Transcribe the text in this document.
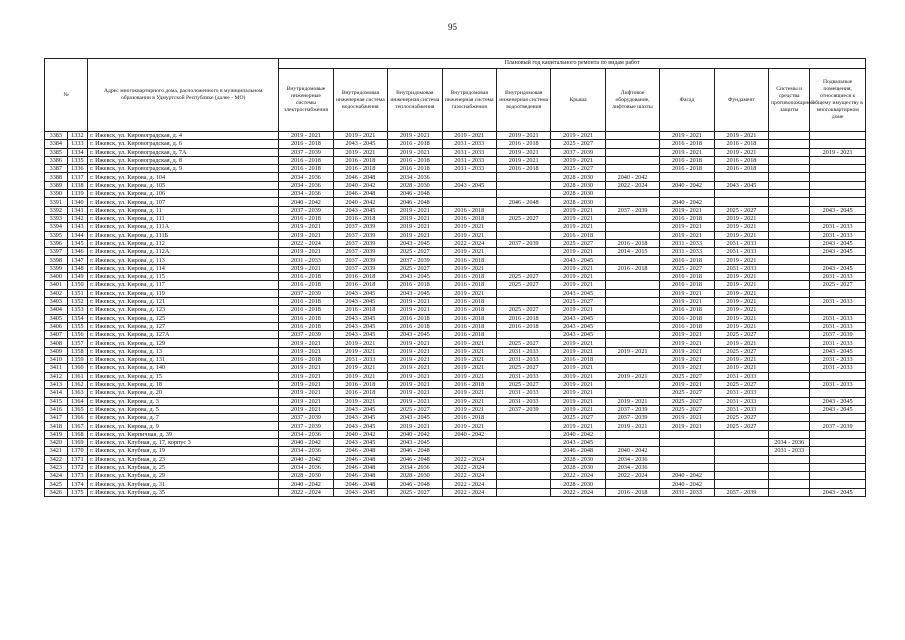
95
№		Адрес многоквартирного дома, расположенного в муниципальном образовании в Удмуртской Республике (далее - МО)	Плановый год капитального ремонта по видам работ										
			Внутридомовые инженерные системы электроснабжения	Внутридомовая инженерная система водоснабжения	Внутридомовая инженерная система теплоснабжения	Внутридомовая инженерная система газоснабжения	Внутридомовая инженерная система водоотведения	Крыша	Лифтовое оборудование, лифтовые шахты	Фасад	Фундамент	Системы и средства противопожарной защиты	Подвальные помещения, относящиеся к общему имуществу в многоквартирном доме
3383	1332	г. Ижевск, ул. Кировоградская, д. 4	2019 - 2021	2019 - 2021	2019 - 2021	2019 - 2021	2019 - 2021	2019 - 2021		2019 - 2021	2019 - 2021		
3384	1333	г. Ижевск, ул. Кировоградская, д. 6	2016 - 2018	2043 - 2045	2016 - 2018	2031 - 2033	2016 - 2018	2025 - 2027		2016 - 2018	2016 - 2018		
3385	1334	г. Ижевск, ул. Кировоградская, д. 7А	2037 - 2039	2019 - 2021	2019 - 2021	2031 - 2033	2019 - 2021	2037 - 2039		2019 - 2021	2019 - 2021		2019 - 2021
3386	1335	г. Ижевск, ул. Кировоградская, д. 8	2016 - 2018	2016 - 2018	2016 - 2018	2031 - 2033	2019 - 2021	2019 - 2021		2016 - 2018	2016 - 2018		
3387	1336	г. Ижевск, ул. Кировоградская, д. 9	2016 - 2018	2016 - 2018	2016 - 2018	2031 - 2033	2016 - 2018	2025 - 2027		2016 - 2018	2016 - 2018		
3388	1337	г. Ижевск, ул. Кирова, д. 104	2034 - 2036	2046 - 2048	2034 - 2036			2028 - 2030	2040 - 2042				
3389	1338	г. Ижевск, ул. Кирова, д. 105	2034 - 2036	2040 - 2042	2028 - 2030	2043 - 2045		2028 - 2030	2022 - 2024	2040 - 2042	2043 - 2045		
3390	1339	г. Ижевск, ул. Кирова, д. 106	2034 - 2036	2046 - 2048	2046 - 2048			2028 - 2030					
3391	1340	г. Ижевск, ул. Кирова, д. 107	2040 - 2042	2040 - 2042	2046 - 2048		2046 - 2048	2028 - 2030		2040 - 2042			
3392	1341	г. Ижевск, ул. Кирова, д. 11	2037 - 2039	2043 - 2045	2019 - 2021	2016 - 2018		2019 - 2021	2037 - 2039	2019 - 2021	2025 - 2027		2043 - 2045
3393	1342	г. Ижевск, ул. Кирова, д. 111	2016 - 2018	2016 - 2018	2019 - 2021	2016 - 2018	2025 - 2027	2019 - 2021		2016 - 2018	2019 - 2021		
3394	1343	г. Ижевск, ул. Кирова, д. 111А	2019 - 2021	2037 - 2039	2019 - 2021	2019 - 2021		2019 - 2021		2019 - 2021	2019 - 2021		2031 - 2033
3395	1344	г. Ижевск, ул. Кирова, д. 111Б	2019 - 2021	2037 - 2039	2019 - 2021	2019 - 2021		2016 - 2018		2019 - 2021	2019 - 2021		2031 - 2033
3396	1345	г. Ижевск, ул. Кирова, д. 112	2022 - 2024	2037 - 2039	2043 - 2045	2022 - 2024	2037 - 2039	2025 - 2027	2016 - 2018	2031 - 2033	2031 - 2033		2043 - 2045
3397	1346	г. Ижевск, ул. Кирова, д. 112А	2019 - 2021	2037 - 2039	2025 - 2027	2019 - 2021		2019 - 2021	2014 - 2015	2031 - 2033	2031 - 2033		2043 - 2045
3398	1347	г. Ижевск, ул. Кирова, д. 113	2031 - 2033	2037 - 2039	2037 - 2039	2016 - 2018		2043 - 2045		2016 - 2018	2019 - 2021		
3399	1348	г. Ижевск, ул. Кирова, д. 114	2019 - 2021	2037 - 2039	2025 - 2027	2019 - 2021		2019 - 2021	2016 - 2018	2025 - 2027	2031 - 2033		2043 - 2045
3400	1349	г. Ижевск, ул. Кирова, д. 115	2016 - 2018	2016 - 2018	2043 - 2045	2016 - 2018	2025 - 2027	2019 - 2021		2016 - 2018	2019 - 2021		2031 - 2033
3401	1350	г. Ижевск, ул. Кирова, д. 117	2016 - 2018	2016 - 2018	2016 - 2018	2016 - 2018	2025 - 2027	2019 - 2021		2016 - 2018	2019 - 2021		2025 - 2027
3402	1351	г. Ижевск, ул. Кирова, д. 119	2037 - 2039	2043 - 2045	2043 - 2045	2019 - 2021		2043 - 2045		2019 - 2021	2019 - 2021		
3403	1352	г. Ижевск, ул. Кирова, д. 121	2016 - 2018	2043 - 2045	2019 - 2021	2016 - 2018		2025 - 2027		2019 - 2021	2019 - 2021		2031 - 2033
3404	1353	г. Ижевск, ул. Кирова, д. 123	2016 - 2018	2016 - 2018	2019 - 2021	2016 - 2018	2025 - 2027	2019 - 2021		2016 - 2018	2019 - 2021		
3405	1354	г. Ижевск, ул. Кирова, д. 125	2016 - 2018	2043 - 2045	2016 - 2018	2016 - 2018	2016 - 2018	2043 - 2045		2016 - 2018	2019 - 2021		2031 - 2033
3406	1355	г. Ижевск, ул. Кирова, д. 127	2016 - 2018	2043 - 2045	2016 - 2018	2016 - 2018	2016 - 2018	2043 - 2045		2016 - 2018	2019 - 2021		2031 - 2033
3407	1356	г. Ижевск, ул. Кирова, д. 127А	2037 - 2039	2043 - 2045	2043 - 2045	2016 - 2018		2043 - 2045		2019 - 2021	2025 - 2027		2037 - 2039
3408	1357	г. Ижевск, ул. Кирова, д. 129	2019 - 2021	2019 - 2021	2019 - 2021	2019 - 2021	2025 - 2027	2019 - 2021		2019 - 2021	2019 - 2021		2031 - 2033
3409	1358	г. Ижевск, ул. Кирова, д. 13	2019 - 2021	2019 - 2021	2019 - 2021	2019 - 2021	2031 - 2033	2019 - 2021	2019 - 2021	2019 - 2021	2025 - 2027		2043 - 2045
3410	1359	г. Ижевск, ул. Кирова, д. 131	2016 - 2018	2031 - 2033	2019 - 2021	2019 - 2021	2031 - 2033	2016 - 2018		2019 - 2021	2019 - 2021		2031 - 2033
3411	1360	г. Ижевск, ул. Кирова, д. 140	2019 - 2021	2019 - 2021	2019 - 2021	2019 - 2021	2025 - 2027	2019 - 2021		2019 - 2021	2019 - 2021		2031 - 2033
3412	1361	г. Ижевск, ул. Кирова, д. 15	2019 - 2021	2019 - 2021	2019 - 2021	2019 - 2021	2031 - 2033	2019 - 2021	2019 - 2021	2025 - 2027	2031 - 2033		
3413	1362	г. Ижевск, ул. Кирова, д. 18	2019 - 2021	2016 - 2018	2019 - 2021	2016 - 2018	2025 - 2027	2019 - 2021		2019 - 2021	2025 - 2027		2031 - 2033
3414	1363	г. Ижевск, ул. Кирова, д. 20	2019 - 2021	2016 - 2018	2019 - 2021	2019 - 2021	2031 - 2033	2019 - 2021		2025 - 2027	2031 - 2033		
3415	1364	г. Ижевск, ул. Кирова, д. 3	2019 - 2021	2019 - 2021	2019 - 2021	2019 - 2021	2031 - 2033	2019 - 2021	2019 - 2021	2025 - 2027	2031 - 2033		2043 - 2045
3416	1365	г. Ижевск, ул. Кирова, д. 5	2019 - 2021	2043 - 2045	2025 - 2027	2019 - 2021	2037 - 2039	2019 - 2021	2037 - 2039	2025 - 2027	2031 - 2033		2043 - 2045
3417	1366	г. Ижевск, ул. Кирова, д. 7	2037 - 2039	2043 - 2045	2043 - 2045	2016 - 2018		2025 - 2027	2037 - 2039	2019 - 2021	2025 - 2027		
3418	1367	г. Ижевск, ул. Кирова, д. 9	2037 - 2039	2043 - 2045	2019 - 2021	2019 - 2021		2019 - 2021	2019 - 2021	2019 - 2021	2025 - 2027		2037 - 2039
3419	1368	г. Ижевск, ул. Кирпичная, д. 39	2034 - 2036	2040 - 2042	2040 - 2042	2040 - 2042		2040 - 2042					
3420	1369	г. Ижевск, ул. Клубная, д. 17, корпус 3	2040 - 2042	2043 - 2045	2043 - 2045			2043 - 2045				2034 - 2036	
3421	1370	г. Ижевск, ул. Клубная, д. 19	2034 - 2036	2046 - 2048	2046 - 2048			2046 - 2048	2040 - 2042			2031 - 2033	
3422	1371	г. Ижевск, ул. Клубная, д. 23	2040 - 2042	2046 - 2048	2046 - 2048	2022 - 2024		2028 - 2030	2034 - 2036				
3423	1372	г. Ижевск, ул. Клубная, д. 25	2034 - 2036	2046 - 2048	2034 - 2036	2022 - 2024		2028 - 2030	2034 - 2036				
3424	1373	г. Ижевск, ул. Клубная, д. 29	2028 - 2030	2046 - 2048	2028 - 2030	2022 - 2024		2022 - 2024	2022 - 2024	2040 - 2042			
3425	1374	г. Ижевск, ул. Клубная, д. 31	2040 - 2042	2046 - 2048	2046 - 2048	2022 - 2024		2028 - 2030		2040 - 2042			
3426	1375	г. Ижевск, ул. Клубная, д. 35	2022 - 2024	2043 - 2045	2025 - 2027	2022 - 2024		2022 - 2024	2016 - 2018	2031 - 2033	2037 - 2039		2043 - 2045
